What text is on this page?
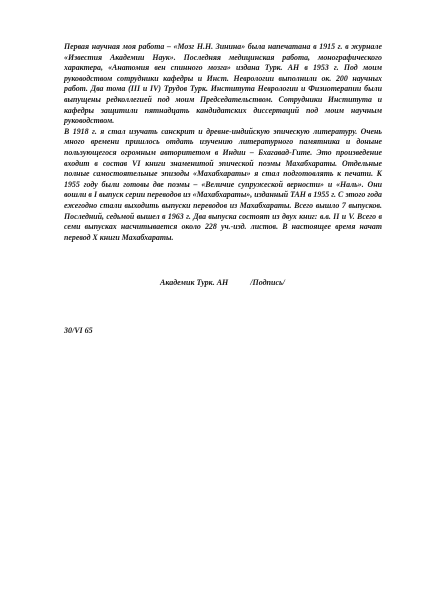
Первая научная моя работа – «Мозг Н.Н. Зинина» была напечатана в 1915 г. в журнале «Известия Академии Наук». Последняя медицинская работа, монографического характера, «Анатомия вен спинного мозга» издана Турк. АН в 1953 г. Под моим руководством сотрудники кафедры и Инст. Неврологии выполнили ок. 200 научных работ. Два тома (III и IV) Трудов Турк. Института Неврологии и Физиотерапии были выпущены редколлегией под моим Председательством. Сотрудники Института и кафедры защитили пятнадцать кандидатских диссертаций под моим научным руководством.

В 1918 г. я стал изучать санскрит и древне-индийскую эпическую литературу. Очень много времени пришлось отдать изучению литературного памятника и доныне пользующегося огромным авторитетом в Индии – Бхагавад-Гите. Это произведение входит в состав VI книги знаменитой эпической поэмы Махабхараты. Отдельные полные самостоятельные эпизоды «Махабхараты» я стал подготовлять к печати. К 1955 году были готовы две поэмы – «Величие супружеской верности» и «Наль». Они вошли в I выпуск серии переводов из «Махабхараты», изданный ТАН в 1955 г. С этого года ежегодно стали выходить выпуски переводов из Махабхараты. Всего вышло 7 выпусков. Последний, седьмой вышел в 1963 г. Два выпуска состоят из двух книг: в.в. II и V. Всего в семи выпусках насчитывается около 228 уч.-изд. листов. В настоящее время начат перевод X книги Махабхараты.

Академик Турк. АН	/Подпись/
30/VI 65
